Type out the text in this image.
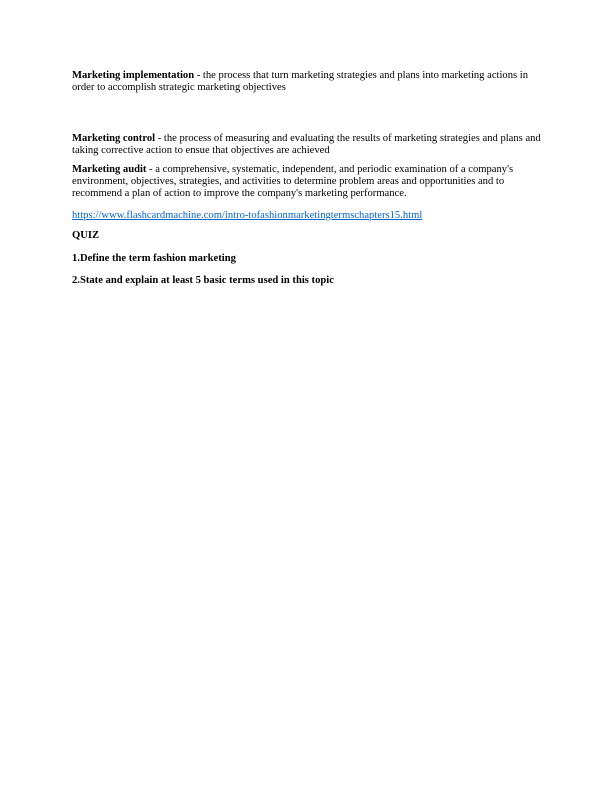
Marketing implementation - the process that turn marketing strategies and plans into marketing actions in order to accomplish strategic marketing objectives

Marketing control - the process of measuring and evaluating the results of marketing strategies and plans and taking corrective action to ensue that objectives are achieved

Marketing audit - a comprehensive, systematic, independent, and periodic examination of a company's environment, objectives, strategies, and activities to determine problem areas and opportunities and to recommend a plan of action to improve the company's marketing performance.

https://www.flashcardmachine.com/intro-tofashionmarketingtermschapters15.html

QUIZ

1.Define the term fashion marketing

2.State and explain at least 5 basic terms used in this topic
